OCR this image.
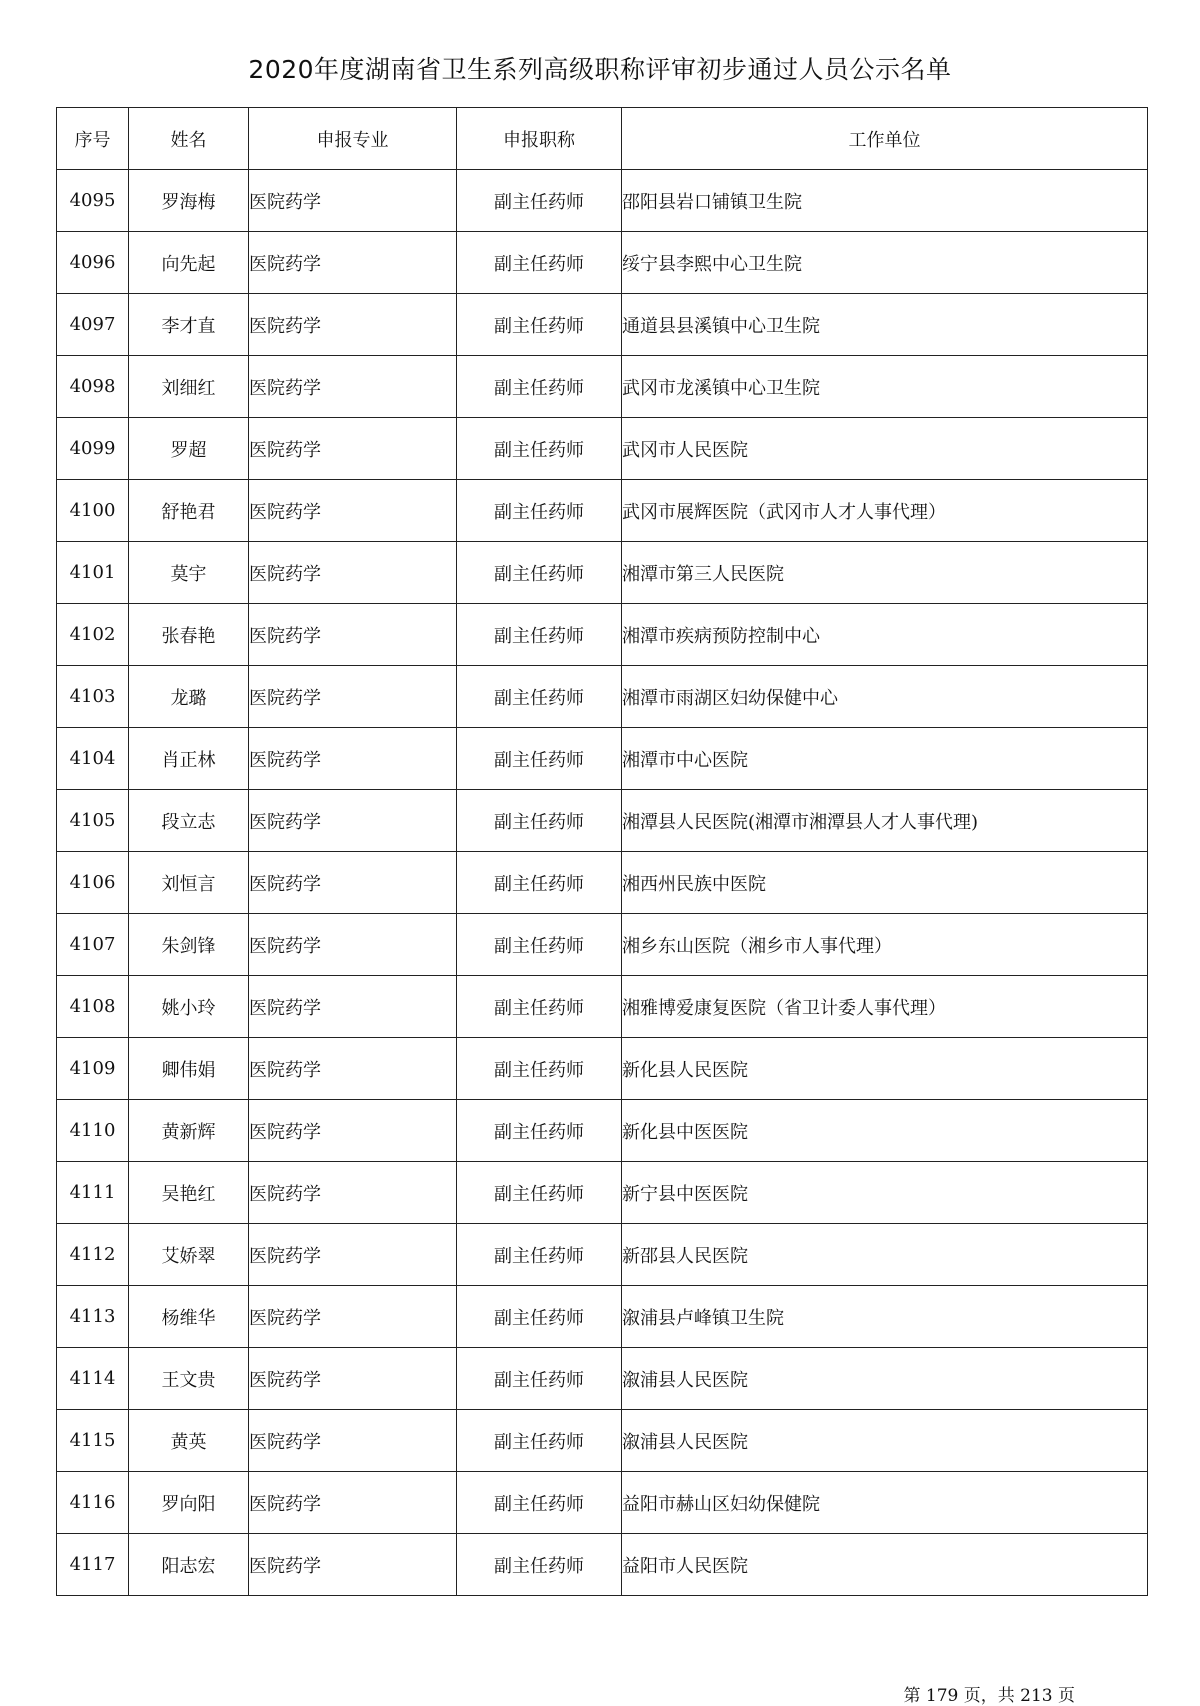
2020年度湖南省卫生系列高级职称评审初步通过人员公示名单
序号	姓名	申报专业	申报职称	工作单位
4095	罗海梅	医院药学	副主任药师	邵阳县岩口铺镇卫生院
4096	向先起	医院药学	副主任药师	绥宁县李熙中心卫生院
4097	李才直	医院药学	副主任药师	通道县县溪镇中心卫生院
4098	刘细红	医院药学	副主任药师	武冈市龙溪镇中心卫生院
4099	罗超	医院药学	副主任药师	武冈市人民医院
4100	舒艳君	医院药学	副主任药师	武冈市展辉医院（武冈市人才人事代理）
4101	莫宇	医院药学	副主任药师	湘潭市第三人民医院
4102	张春艳	医院药学	副主任药师	湘潭市疾病预防控制中心
4103	龙璐	医院药学	副主任药师	湘潭市雨湖区妇幼保健中心
4104	肖正林	医院药学	副主任药师	湘潭市中心医院
4105	段立志	医院药学	副主任药师	湘潭县人民医院(湘潭市湘潭县人才人事代理)
4106	刘恒言	医院药学	副主任药师	湘西州民族中医院
4107	朱剑锋	医院药学	副主任药师	湘乡东山医院（湘乡市人事代理）
4108	姚小玲	医院药学	副主任药师	湘雅博爱康复医院（省卫计委人事代理）
4109	卿伟娟	医院药学	副主任药师	新化县人民医院
4110	黄新辉	医院药学	副主任药师	新化县中医医院
4111	吴艳红	医院药学	副主任药师	新宁县中医医院
4112	艾娇翠	医院药学	副主任药师	新邵县人民医院
4113	杨维华	医院药学	副主任药师	溆浦县卢峰镇卫生院
4114	王文贵	医院药学	副主任药师	溆浦县人民医院
4115	黄英	医院药学	副主任药师	溆浦县人民医院
4116	罗向阳	医院药学	副主任药师	益阳市赫山区妇幼保健院
4117	阳志宏	医院药学	副主任药师	益阳市人民医院
第 179 页，共 213 页
